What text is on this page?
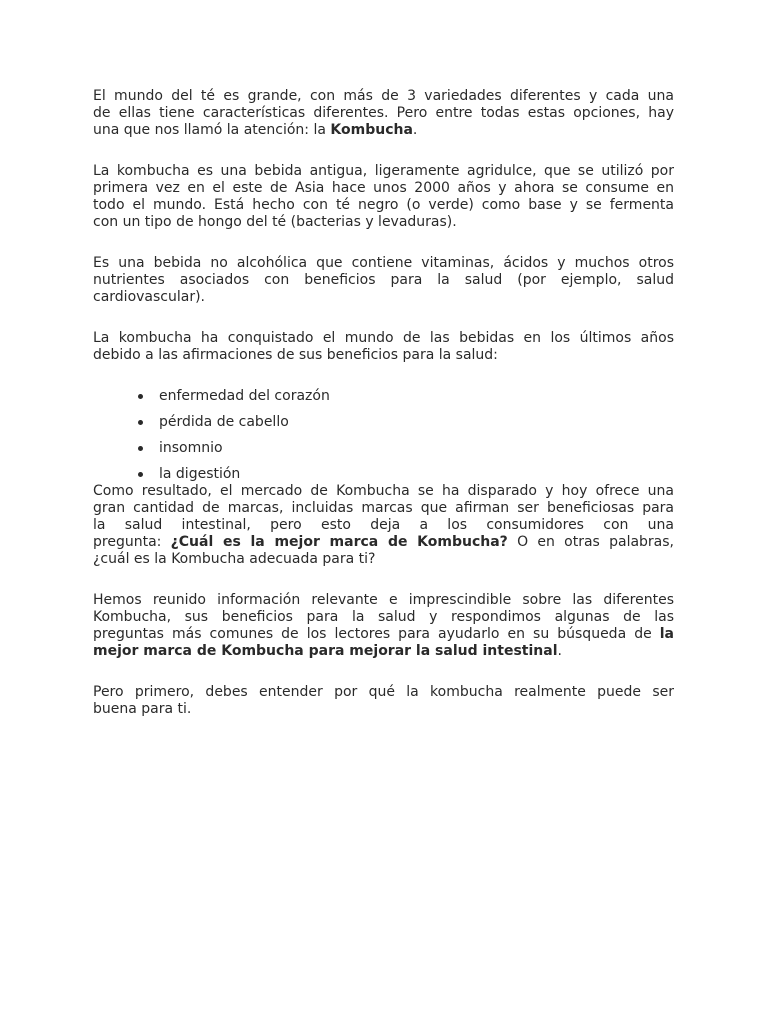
El mundo del té es grande, con más de 3 variedades diferentes y cada una
de ellas tiene características diferentes. Pero entre todas estas opciones, hay
una que nos llamó la atención: la Kombucha.
La kombucha es una bebida antigua, ligeramente agridulce, que se utilizó por
primera vez en el este de Asia hace unos 2000 años y ahora se consume en
todo el mundo. Está hecho con té negro (o verde) como base y se fermenta
con un tipo de hongo del té (bacterias y levaduras).
Es una bebida no alcohólica que contiene vitaminas, ácidos y muchos otros
nutrientes asociados con beneficios para la salud (por ejemplo, salud
cardiovascular).
La kombucha ha conquistado el mundo de las bebidas en los últimos años
debido a las afirmaciones de sus beneficios para la salud:
enfermedad del corazón
pérdida de cabello
insomnio
la digestión
Como resultado, el mercado de Kombucha se ha disparado y hoy ofrece una
gran cantidad de marcas, incluidas marcas que afirman ser beneficiosas para
la salud intestinal, pero esto deja a los consumidores con una
pregunta: ¿Cuál es la mejor marca de Kombucha? O en otras palabras,
¿cuál es la Kombucha adecuada para ti?
Hemos reunido información relevante e imprescindible sobre las diferentes
Kombucha, sus beneficios para la salud y respondimos algunas de las
preguntas más comunes de los lectores para ayudarlo en su búsqueda de la
mejor marca de Kombucha para mejorar la salud intestinal.
Pero primero, debes entender por qué la kombucha realmente puede ser
buena para ti.
